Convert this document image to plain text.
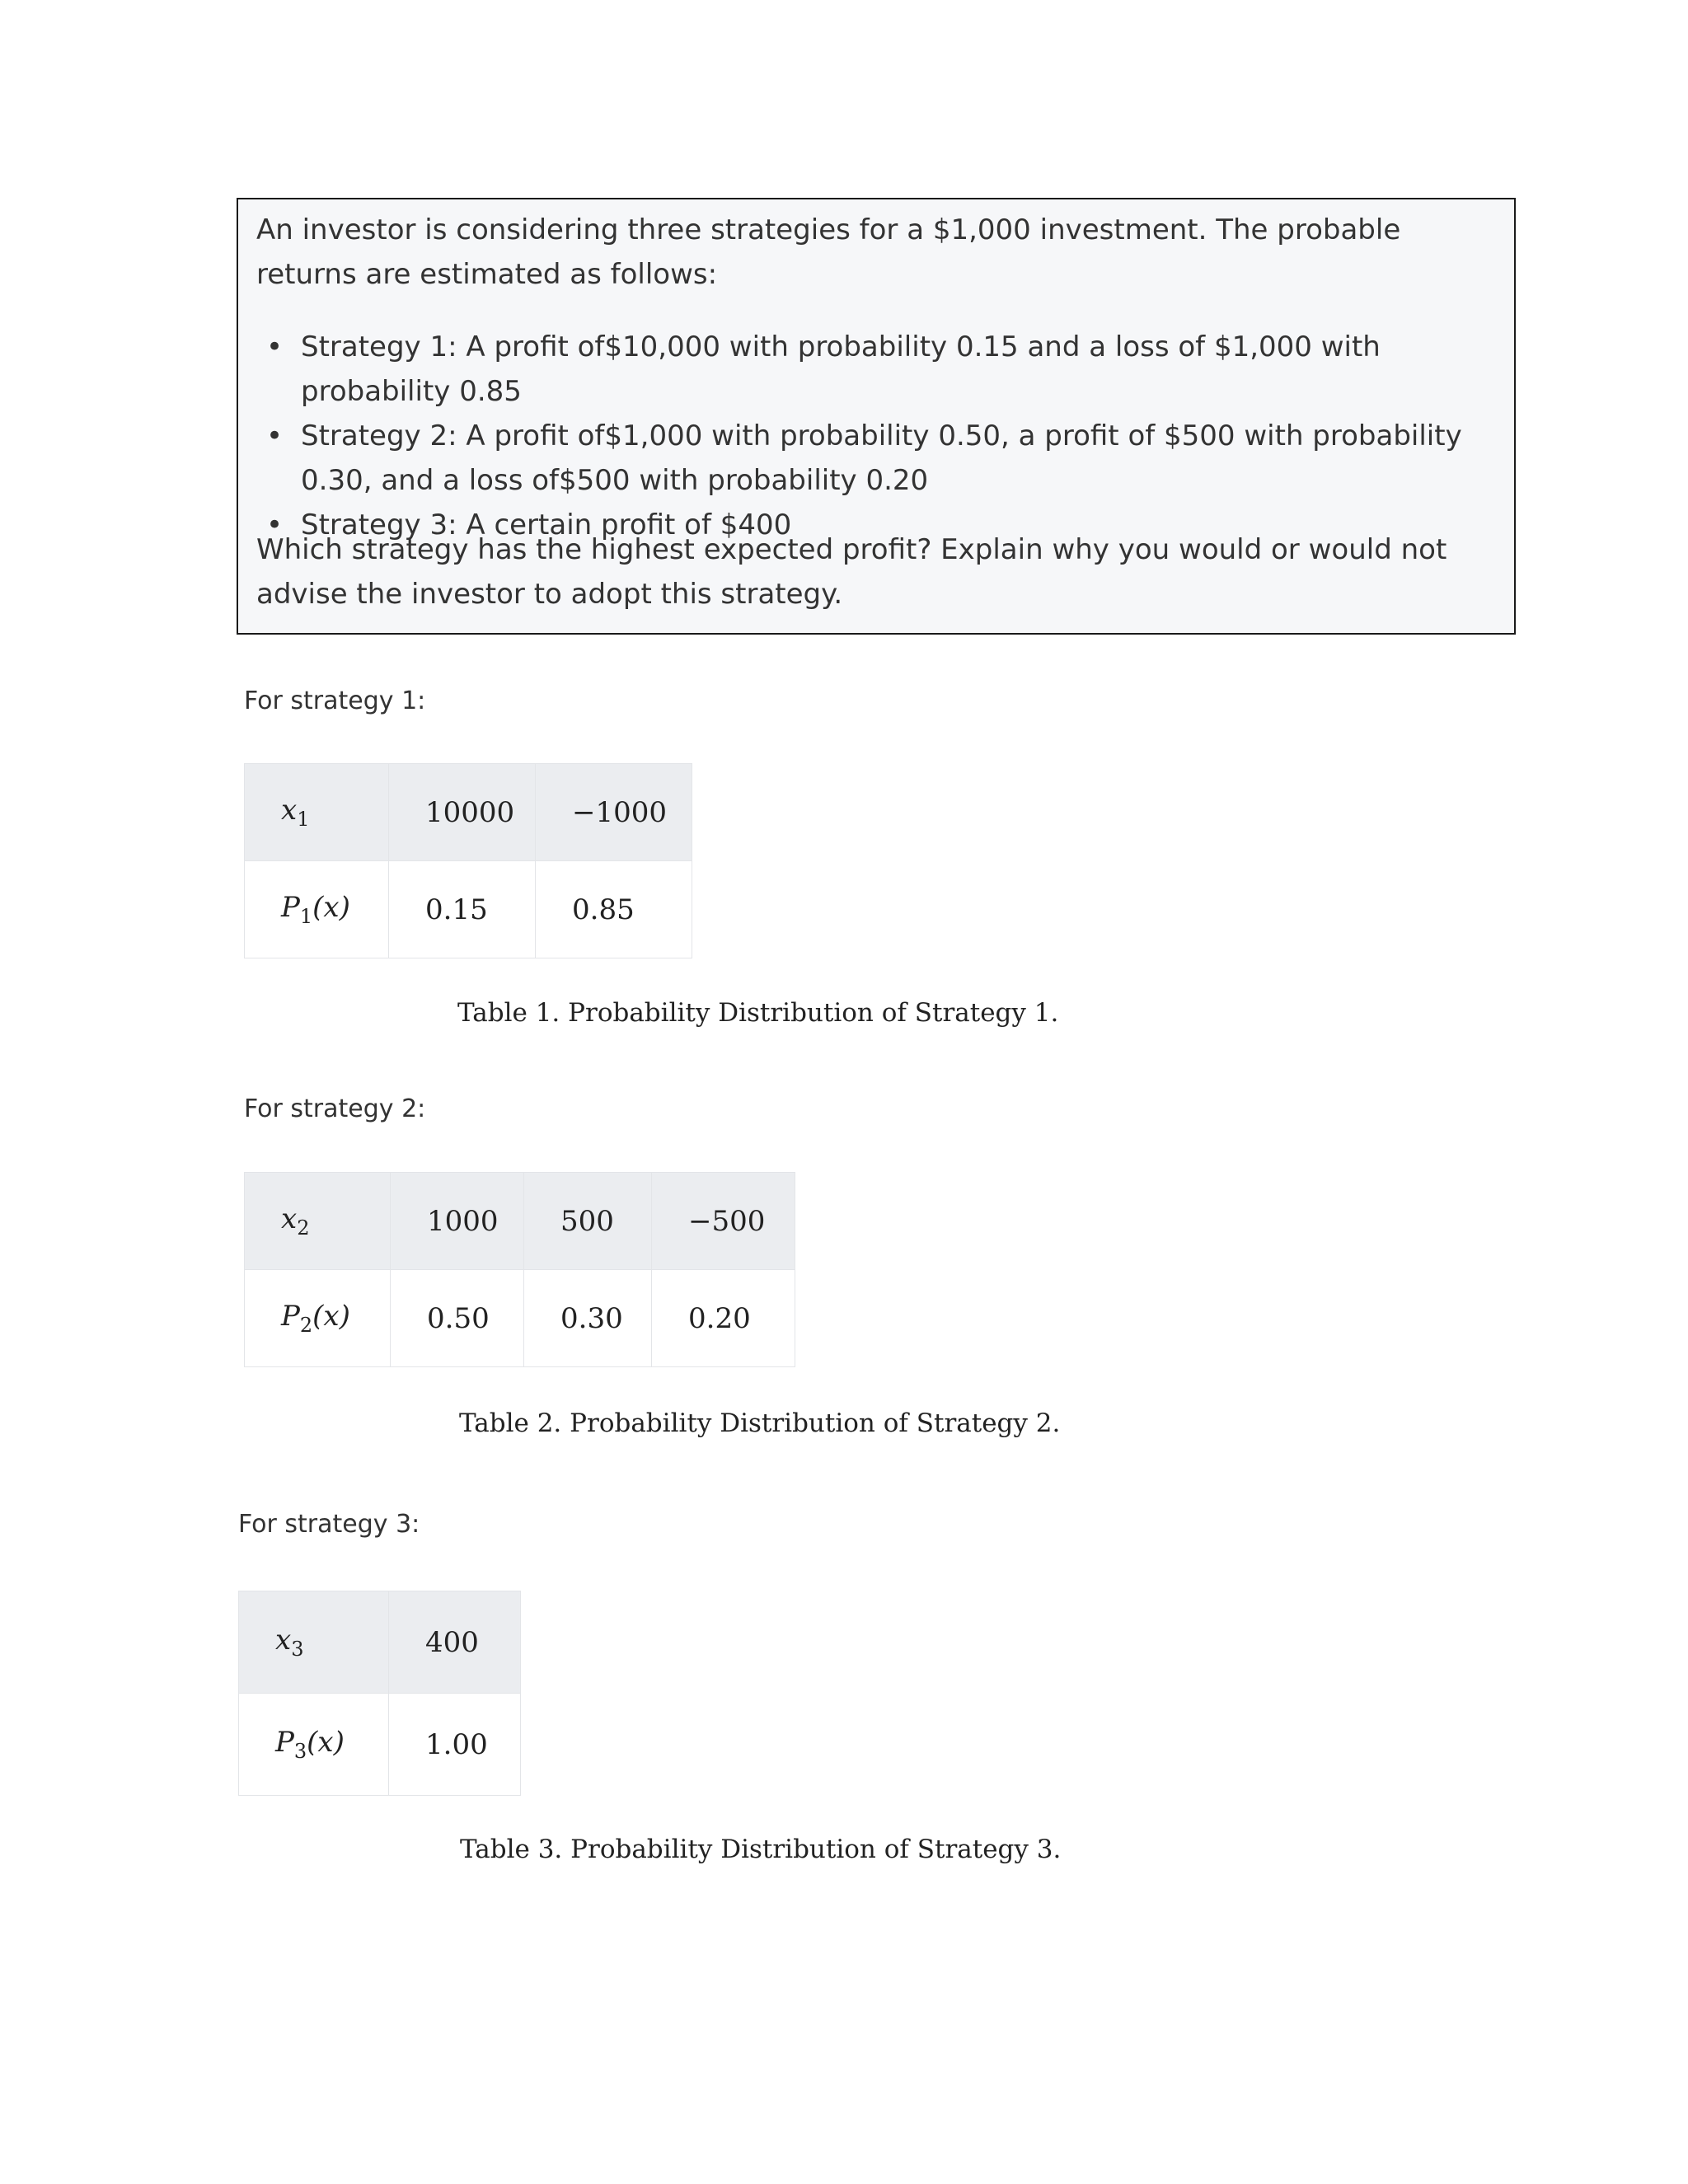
An investor is considering three strategies for a $1,000 investment. The probable returns are estimated as follows:

• Strategy 1: A profit of$10,000 with probability 0.15 and a loss of $1,000 with probability 0.85
• Strategy 2: A profit of$1,000 with probability 0.50, a profit of $500 with probability 0.30, and a loss of$500 with probability 0.20
• Strategy 3: A certain profit of $400

Which strategy has the highest expected profit? Explain why you would or would not advise the investor to adopt this strategy.

For strategy 1:
$x_1$	10000	−1000
$P_1(x)$	0.15	0.85
Table 1. Probability Distribution of Strategy 1.
For strategy 2:
$x_2$	1000	500	−500
$P_2(x)$	0.50	0.30	0.20
Table 2. Probability Distribution of Strategy 2.
For strategy 3:
$x_3$	400
$P_3(x)$	1.00
Table 3. Probability Distribution of Strategy 3.
